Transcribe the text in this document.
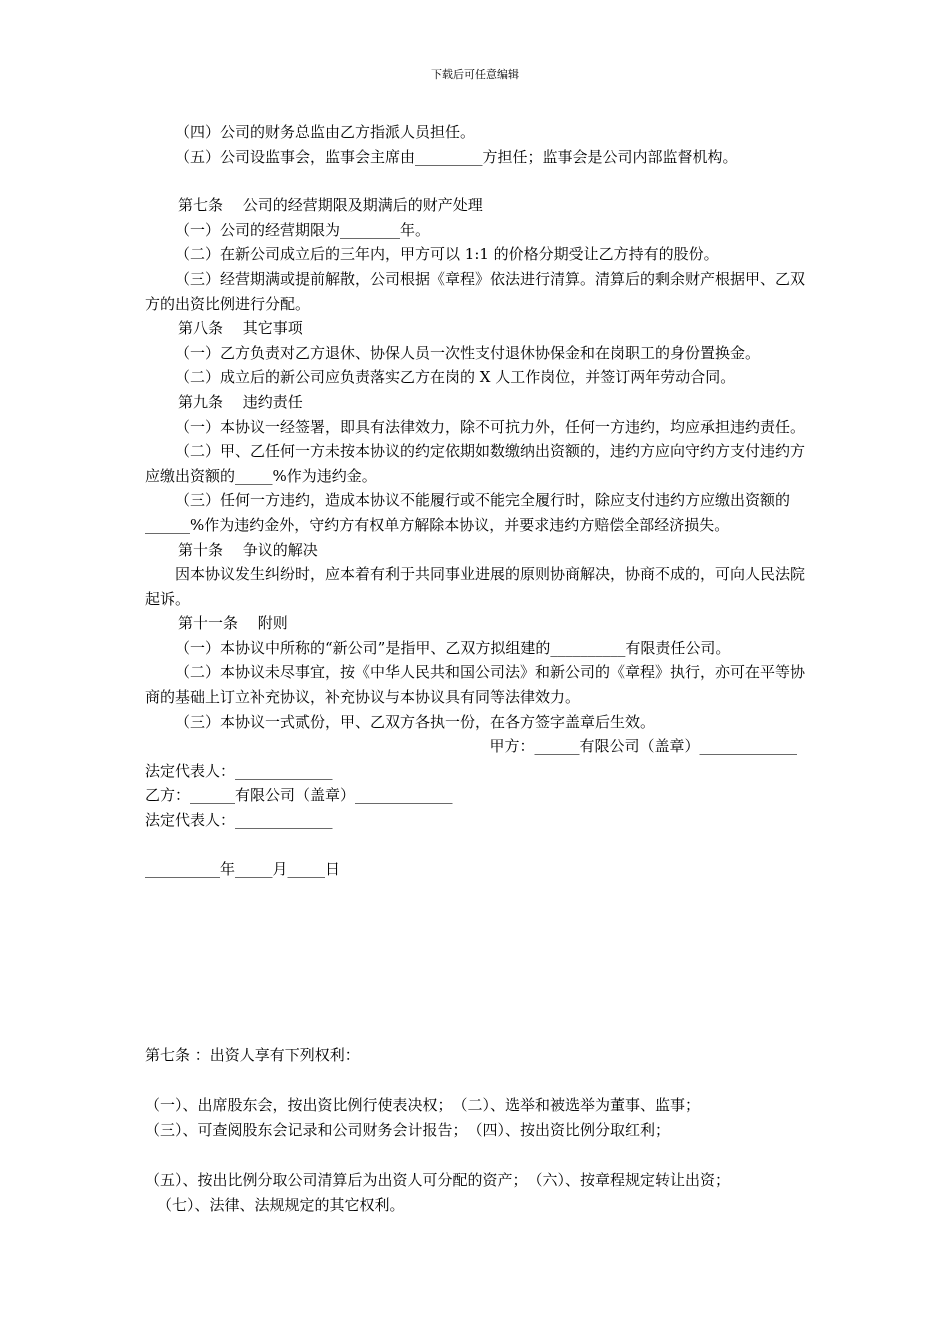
下载后可任意编辑

（四）公司的财务总监由乙方指派人员担任。

（五）公司设监事会，监事会主席由_________方担任；监事会是公司内部监督机构。

第七条　 公司的经营期限及期满后的财产处理

（一）公司的经营期限为________年。

（二）在新公司成立后的三年内，甲方可以 1:1 的价格分期受让乙方持有的股份。

（三）经营期满或提前解散，公司根据《章程》依法进行清算。清算后的剩余财产根据甲、乙双方的出资比例进行分配。

第八条　 其它事项

（一）乙方负责对乙方退休、协保人员一次性支付退休协保金和在岗职工的身份置换金。

（二）成立后的新公司应负责落实乙方在岗的 X 人工作岗位，并签订两年劳动合同。

第九条　 违约责任

（一）本协议一经签署，即具有法律效力，除不可抗力外，任何一方违约，均应承担违约责任。

（二）甲、乙任何一方未按本协议的约定依期如数缴纳出资额的，违约方应向守约方支付违约方应缴出资额的_____%作为违约金。

（三）任何一方违约，造成本协议不能履行或不能完全履行时，除应支付违约方应缴出资额的______%作为违约金外，守约方有权单方解除本协议，并要求违约方赔偿全部经济损失。

第十条　 争议的解决

因本协议发生纠纷时，应本着有利于共同事业进展的原则协商解决，协商不成的，可向人民法院起诉。

第十一条　 附则

（一）本协议中所称的“新公司”是指甲、乙双方拟组建的__________有限责任公司。

（二）本协议未尽事宜，按《中华人民共和国公司法》和新公司的《章程》执行，亦可在平等协商的基础上订立补充协议，补充协议与本协议具有同等法律效力。

（三）本协议一式贰份，甲、乙双方各执一份，在各方签字盖章后生效。

甲方：______有限公司（盖章）_____________

法定代表人：_____________

乙方：______有限公司（盖章）_____________

法定代表人：_____________

__________年_____月_____日

第七条 ：出资人享有下列权利：

（一）、出席股东会，按出资比例行使表决权；　（二）、选举和被选举为董事、监事；

（三）、可查阅股东会记录和公司财务会计报告；　（四）、按出资比例分取红利；

（五）、按出比例分取公司清算后为出资人可分配的资产；　（六）、按章程规定转让出资；

（七）、法律、法规规定的其它权利。
